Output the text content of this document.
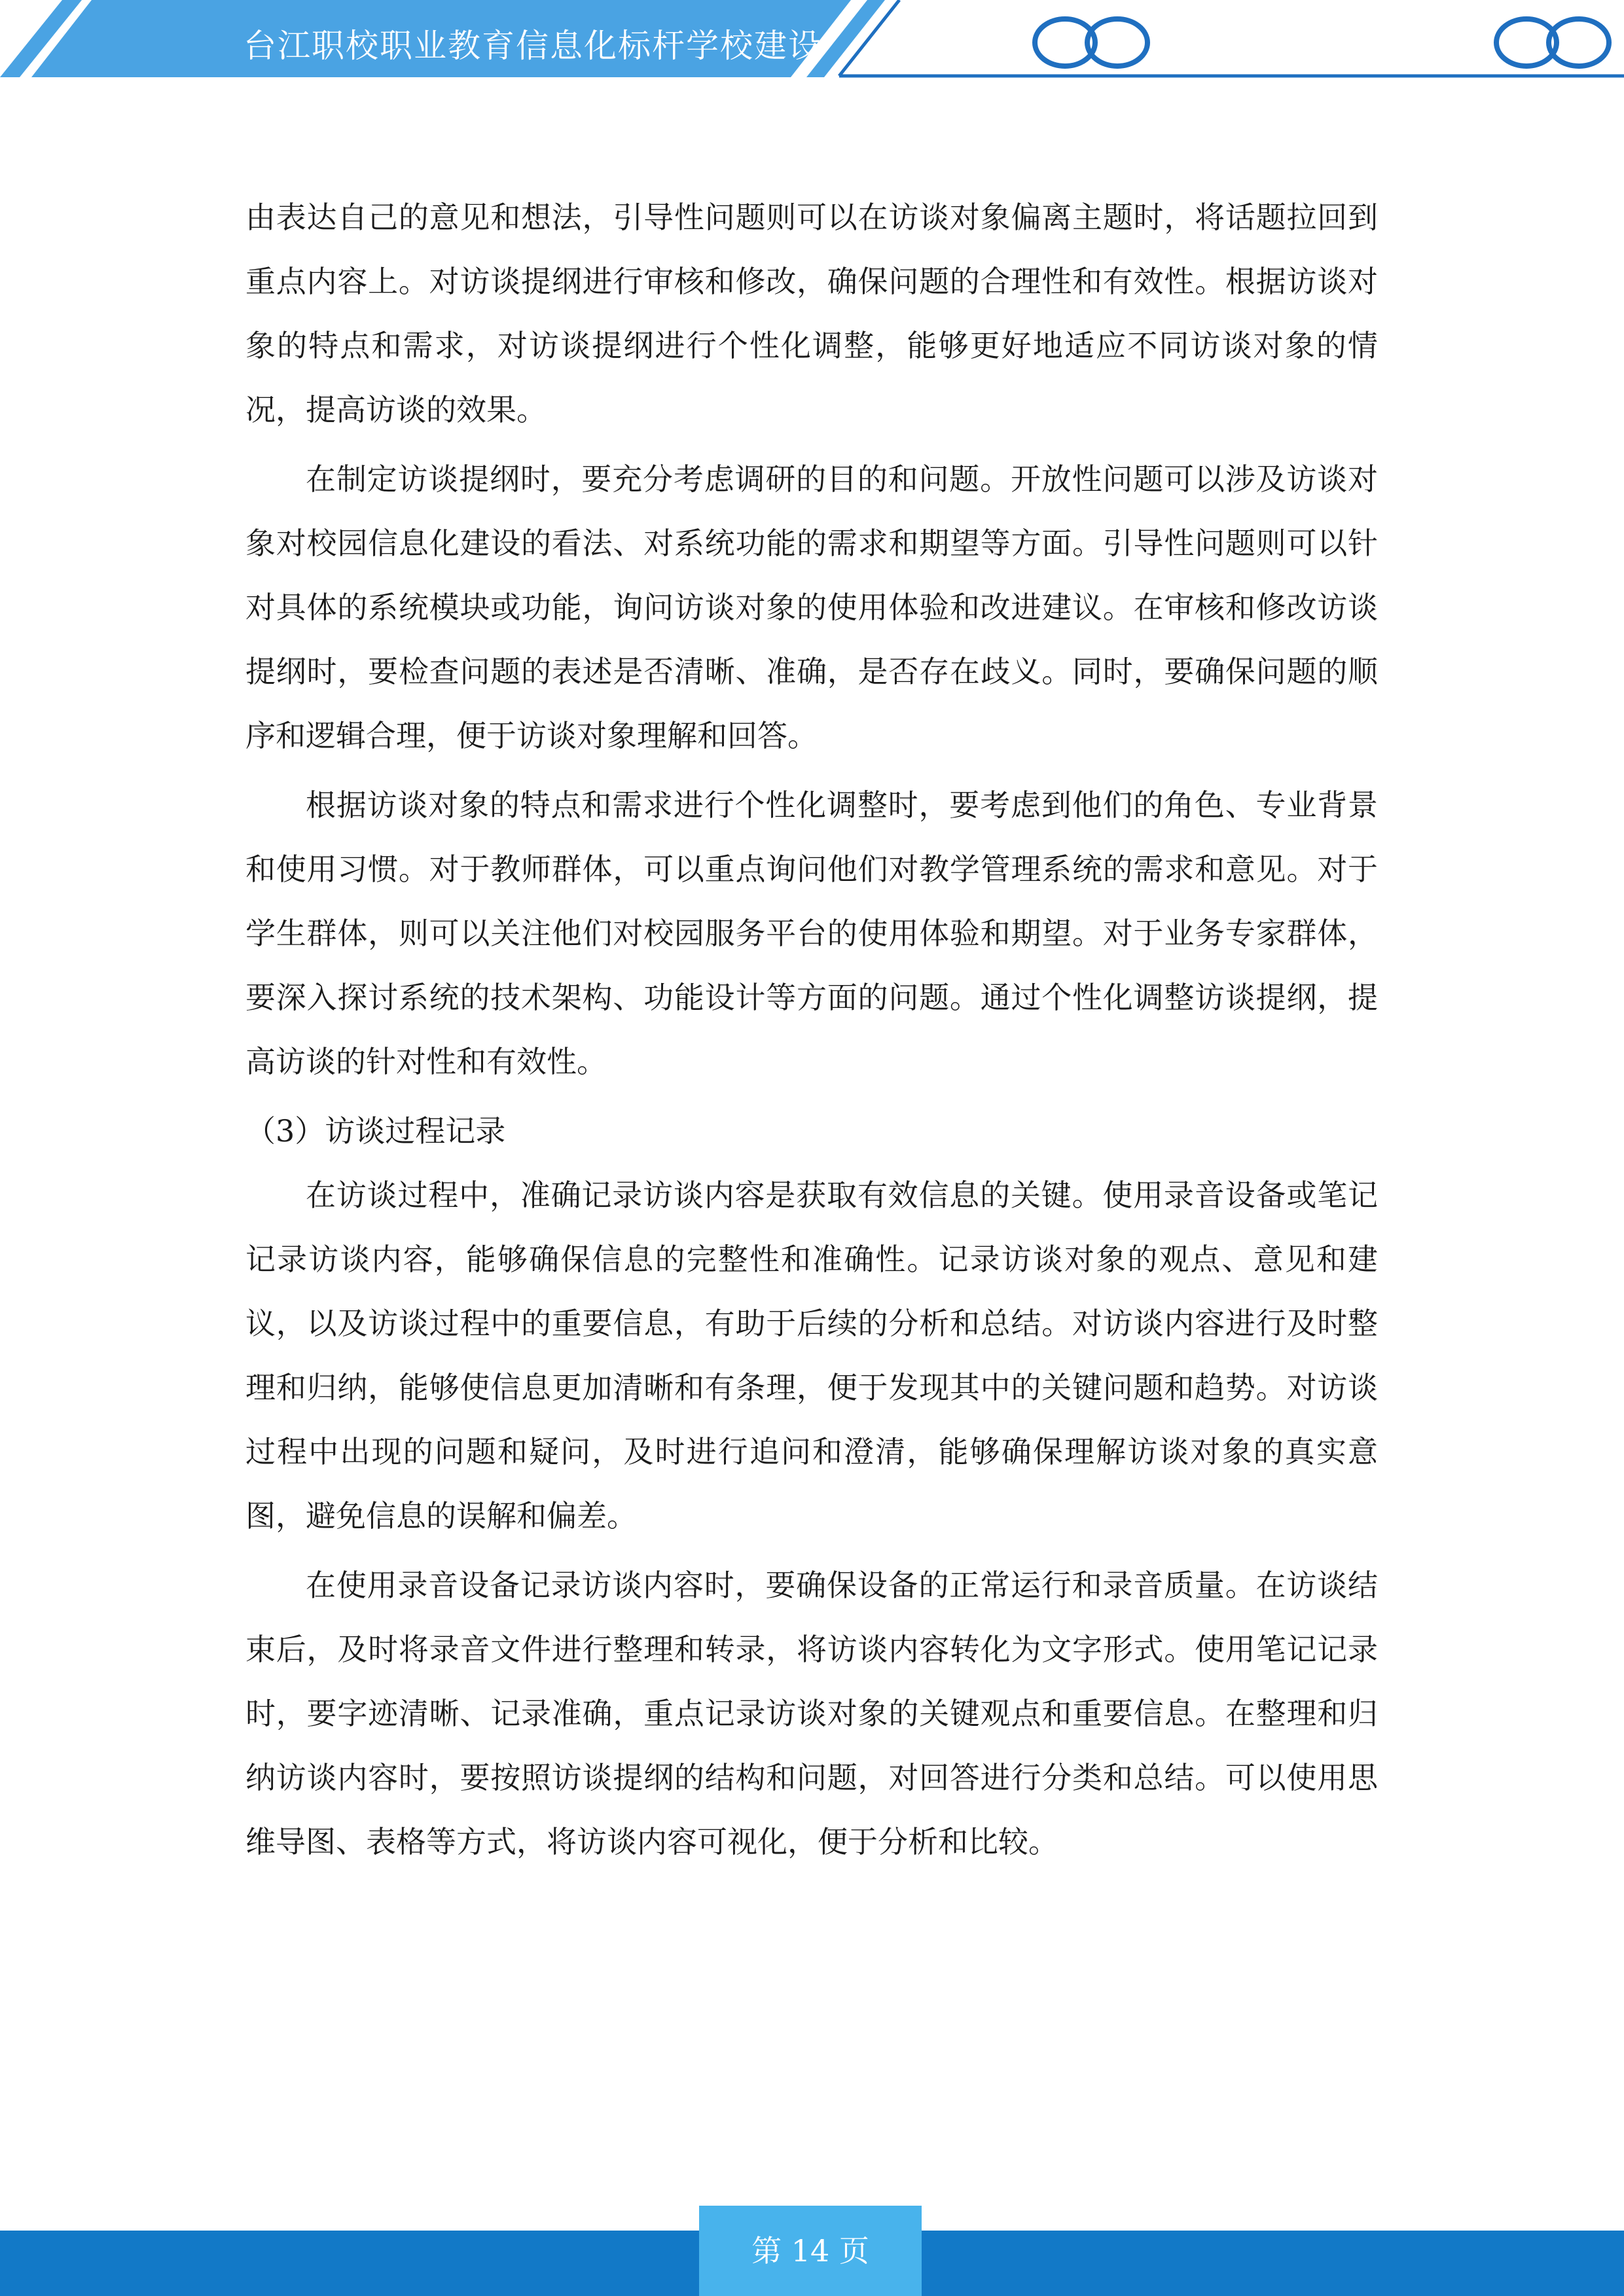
台江职校职业教育信息化标杆学校建设

由表达自己的意见和想法，引导性问题则可以在访谈对象偏离主题时，将话题拉回到重点内容上。对访谈提纲进行审核和修改，确保问题的合理性和有效性。根据访谈对象的特点和需求，对访谈提纲进行个性化调整，能够更好地适应不同访谈对象的情况，提高访谈的效果。

在制定访谈提纲时，要充分考虑调研的目的和问题。开放性问题可以涉及访谈对象对校园信息化建设的看法、对系统功能的需求和期望等方面。引导性问题则可以针对具体的系统模块或功能，询问访谈对象的使用体验和改进建议。在审核和修改访谈提纲时，要检查问题的表述是否清晰、准确，是否存在歧义。同时，要确保问题的顺序和逻辑合理，便于访谈对象理解和回答。

根据访谈对象的特点和需求进行个性化调整时，要考虑到他们的角色、专业背景和使用习惯。对于教师群体，可以重点询问他们对教学管理系统的需求和意见。对于学生群体，则可以关注他们对校园服务平台的使用体验和期望。对于业务专家群体，要深入探讨系统的技术架构、功能设计等方面的问题。通过个性化调整访谈提纲，提高访谈的针对性和有效性。

（3）访谈过程记录

在访谈过程中，准确记录访谈内容是获取有效信息的关键。使用录音设备或笔记记录访谈内容，能够确保信息的完整性和准确性。记录访谈对象的观点、意见和建议，以及访谈过程中的重要信息，有助于后续的分析和总结。对访谈内容进行及时整理和归纳，能够使信息更加清晰和有条理，便于发现其中的关键问题和趋势。对访谈过程中出现的问题和疑问，及时进行追问和澄清，能够确保理解访谈对象的真实意图，避免信息的误解和偏差。

在使用录音设备记录访谈内容时，要确保设备的正常运行和录音质量。在访谈结束后，及时将录音文件进行整理和转录，将访谈内容转化为文字形式。使用笔记记录时，要字迹清晰、记录准确，重点记录访谈对象的关键观点和重要信息。在整理和归纳访谈内容时，要按照访谈提纲的结构和问题，对回答进行分类和总结。可以使用思维导图、表格等方式，将访谈内容可视化，便于分析和比较。

第 14 页
